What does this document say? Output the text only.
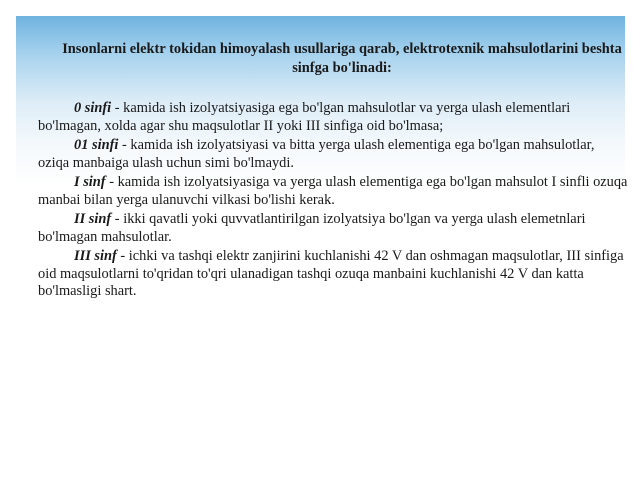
Insonlarni elektr tokidan himoyalash usullariga qarab, elektrotexnik mahsulotlarini beshta sinfga bo'linadi:

0 sinfi - kamida ish izolyatsiyasiga ega bo'lgan mahsulotlar va yerga ulash elementlari bo'lmagan, xolda agar shu maqsulotlar II yoki III sinfiga oid bo'lmasa;

01 sinfi - kamida ish izolyatsiyasi va bitta yerga ulash elementiga ega bo'lgan mahsulotlar, oziqa manbaiga ulash uchun simi bo'lmaydi.

I sinf - kamida ish izolyatsiyasiga va yerga ulash elementiga ega bo'lgan mahsulot I sinfli ozuqa manbai bilan yerga ulanuvchi vilkasi bo'lishi kerak.

II sinf - ikki qavatli yoki quvvatlantirilgan izolyatsiya bo'lgan va yerga ulash elemetnlari bo'lmagan mahsulotlar.

III sinf - ichki va tashqi elektr zanjirini kuchlanishi 42 V dan oshmagan maqsulotlar, III sinfiga oid maqsulotlarni to'qridan to'qri ulanadigan tashqi ozuqa manbaini kuchlanishi 42 V dan katta bo'lmasligi shart.
